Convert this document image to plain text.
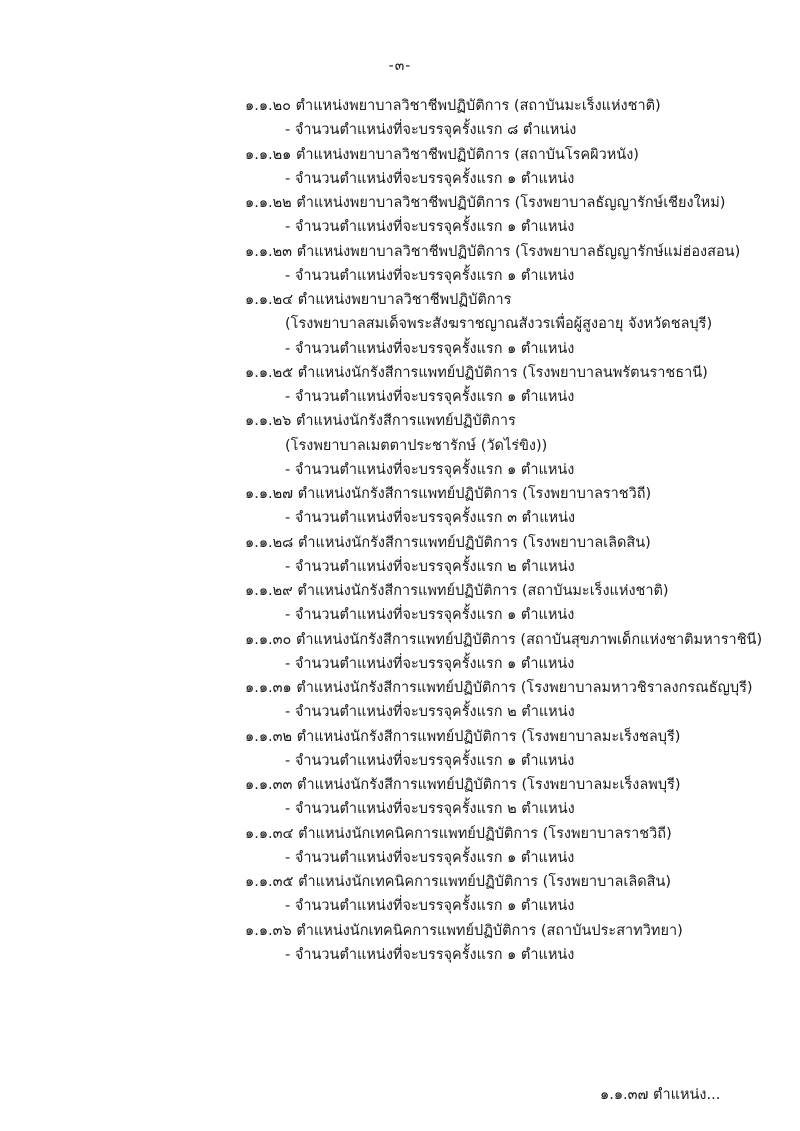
-๓-
๑.๑.๒๐ ตำแหน่งพยาบาลวิชาชีพปฏิบัติการ (สถาบันมะเร็งแห่งชาติ)
- จำนวนตำแหน่งที่จะบรรจุครั้งแรก ๘ ตำแหน่ง
๑.๑.๒๑ ตำแหน่งพยาบาลวิชาชีพปฏิบัติการ (สถาบันโรคผิวหนัง)
- จำนวนตำแหน่งที่จะบรรจุครั้งแรก ๑ ตำแหน่ง
๑.๑.๒๒ ตำแหน่งพยาบาลวิชาชีพปฏิบัติการ (โรงพยาบาลธัญญารักษ์เชียงใหม่)
- จำนวนตำแหน่งที่จะบรรจุครั้งแรก ๑ ตำแหน่ง
๑.๑.๒๓ ตำแหน่งพยาบาลวิชาชีพปฏิบัติการ (โรงพยาบาลธัญญารักษ์แม่ฮ่องสอน)
- จำนวนตำแหน่งที่จะบรรจุครั้งแรก ๑ ตำแหน่ง
๑.๑.๒๔ ตำแหน่งพยาบาลวิชาชีพปฏิบัติการ
(โรงพยาบาลสมเด็จพระสังฆราชญาณสังวรเพื่อผู้สูงอายุ จังหวัดชลบุรี)
- จำนวนตำแหน่งที่จะบรรจุครั้งแรก ๑ ตำแหน่ง
๑.๑.๒๕ ตำแหน่งนักรังสีการแพทย์ปฏิบัติการ (โรงพยาบาลนพรัตนราชธานี)
- จำนวนตำแหน่งที่จะบรรจุครั้งแรก ๑ ตำแหน่ง
๑.๑.๒๖ ตำแหน่งนักรังสีการแพทย์ปฏิบัติการ
(โรงพยาบาลเมตตาประชารักษ์ (วัดไร่ขิง))
- จำนวนตำแหน่งที่จะบรรจุครั้งแรก ๑ ตำแหน่ง
๑.๑.๒๗ ตำแหน่งนักรังสีการแพทย์ปฏิบัติการ (โรงพยาบาลราชวิถี)
- จำนวนตำแหน่งที่จะบรรจุครั้งแรก ๓ ตำแหน่ง
๑.๑.๒๘ ตำแหน่งนักรังสีการแพทย์ปฏิบัติการ (โรงพยาบาลเลิดสิน)
- จำนวนตำแหน่งที่จะบรรจุครั้งแรก ๒ ตำแหน่ง
๑.๑.๒๙ ตำแหน่งนักรังสีการแพทย์ปฏิบัติการ (สถาบันมะเร็งแห่งชาติ)
- จำนวนตำแหน่งที่จะบรรจุครั้งแรก ๑ ตำแหน่ง
๑.๑.๓๐ ตำแหน่งนักรังสีการแพทย์ปฏิบัติการ (สถาบันสุขภาพเด็กแห่งชาติมหาราชินี)
- จำนวนตำแหน่งที่จะบรรจุครั้งแรก ๑ ตำแหน่ง
๑.๑.๓๑ ตำแหน่งนักรังสีการแพทย์ปฏิบัติการ (โรงพยาบาลมหาวชิราลงกรณธัญบุรี)
- จำนวนตำแหน่งที่จะบรรจุครั้งแรก ๒ ตำแหน่ง
๑.๑.๓๒ ตำแหน่งนักรังสีการแพทย์ปฏิบัติการ (โรงพยาบาลมะเร็งชลบุรี)
- จำนวนตำแหน่งที่จะบรรจุครั้งแรก ๑ ตำแหน่ง
๑.๑.๓๓ ตำแหน่งนักรังสีการแพทย์ปฏิบัติการ (โรงพยาบาลมะเร็งลพบุรี)
- จำนวนตำแหน่งที่จะบรรจุครั้งแรก ๒ ตำแหน่ง
๑.๑.๓๔ ตำแหน่งนักเทคนิคการแพทย์ปฏิบัติการ (โรงพยาบาลราชวิถี)
- จำนวนตำแหน่งที่จะบรรจุครั้งแรก ๑ ตำแหน่ง
๑.๑.๓๕ ตำแหน่งนักเทคนิคการแพทย์ปฏิบัติการ (โรงพยาบาลเลิดสิน)
- จำนวนตำแหน่งที่จะบรรจุครั้งแรก ๑ ตำแหน่ง
๑.๑.๓๖ ตำแหน่งนักเทคนิคการแพทย์ปฏิบัติการ (สถาบันประสาทวิทยา)
- จำนวนตำแหน่งที่จะบรรจุครั้งแรก ๑ ตำแหน่ง
๑.๑.๓๗ ตำแหน่ง...
